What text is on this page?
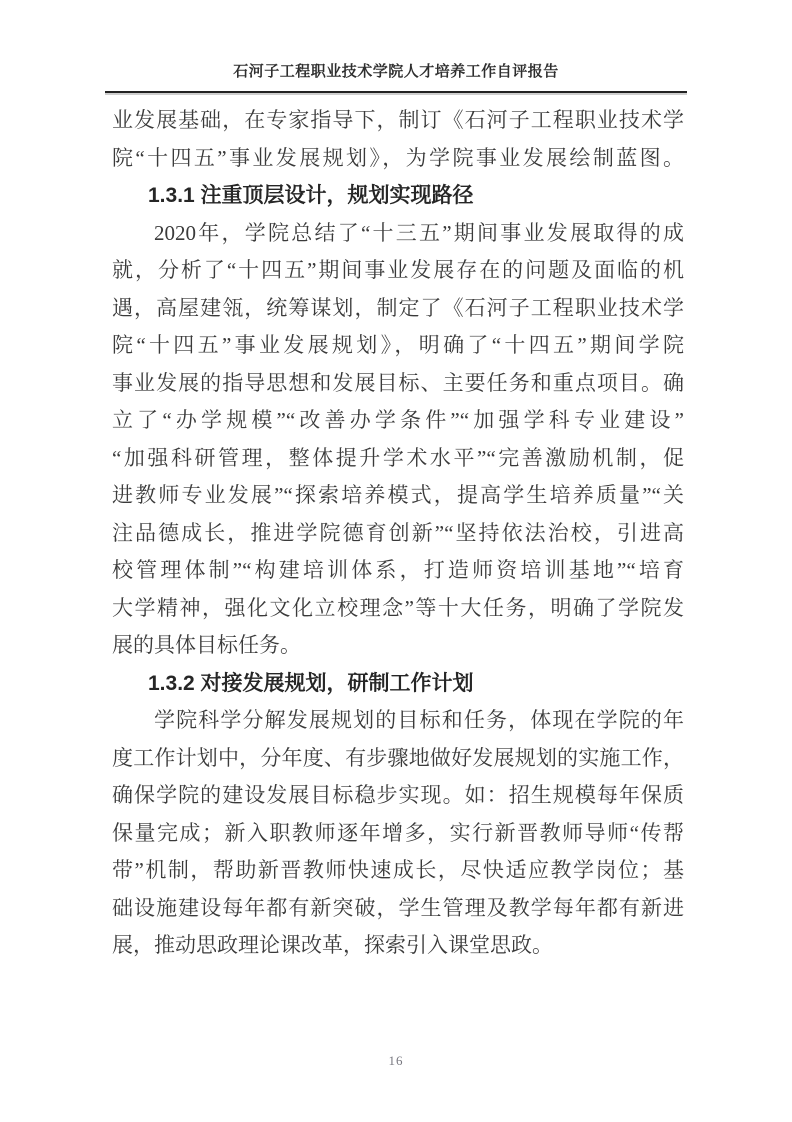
石河子工程职业技术学院人才培养工作自评报告
业发展基础，在专家指导下，制订《石河子工程职业技术学
院“十四五”事业发展规划》，为学院事业发展绘制蓝图。
1.3.1 注重顶层设计，规划实现路径
2020年，学院总结了“十三五”期间事业发展取得的成
就，分析了“十四五”期间事业发展存在的问题及面临的机
遇，高屋建瓴，统筹谋划，制定了《石河子工程职业技术学
院“十四五”事业发展规划》，明确了“十四五”期间学院
事业发展的指导思想和发展目标、主要任务和重点项目。确
立了“办学规模”“改善办学条件”“加强学科专业建设”
“加强科研管理，整体提升学术水平”“完善激励机制，促
进教师专业发展”“探索培养模式，提高学生培养质量”“关
注品德成长，推进学院德育创新”“坚持依法治校，引进高
校管理体制”“构建培训体系，打造师资培训基地”“培育
大学精神，强化文化立校理念”等十大任务，明确了学院发
展的具体目标任务。
1.3.2 对接发展规划，研制工作计划
学院科学分解发展规划的目标和任务，体现在学院的年
度工作计划中，分年度、有步骤地做好发展规划的实施工作，
确保学院的建设发展目标稳步实现。如：招生规模每年保质
保量完成；新入职教师逐年增多，实行新晋教师导师“传帮
带”机制，帮助新晋教师快速成长，尽快适应教学岗位；基
础设施建设每年都有新突破，学生管理及教学每年都有新进
展，推动思政理论课改革，探索引入课堂思政。
16
